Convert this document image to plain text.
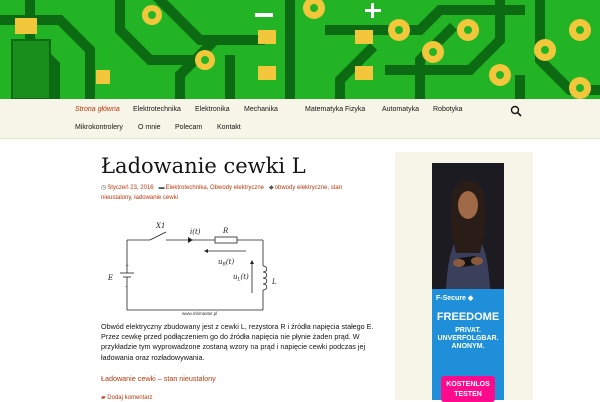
Strona główna Elektrotechnika Elektronika Mechanika	Matematyka Fizyka Automatyka Robotyka
Mikrokontrolery O mnie Polecam Kontakt
Ładowanie cewki L
◷Styczeń 23, 2016 ▬Elektrotechnika, Obwody elektryczne ◆obwody elektryczne, stan
nieustalony, ładowanie cewki
X1
i(t)	R
$u_R(t)$
$u_L(t)$
E	L
+
-
www.mbmaster.pl

Obwód elektryczny zbudowany jest z cewki L, rezystora R i źródła napięcia stałego E. Przez cewkę przed podłączeniem go do źródła napięcia nie płynie żaden prąd. W przykładzie tym wyprowadzone zostaną wzory na prąd i napięcie cewki podczas jej ładowania oraz rozładowywania.

Ładowanie cewki – stan nieustalony
▰ Dodaj komentarz
F-Secure ◆
FREEDOME
PRIVAT.
UNVERFOLGBAR.
ANONYM.
KOSTENLOS
TESTEN
